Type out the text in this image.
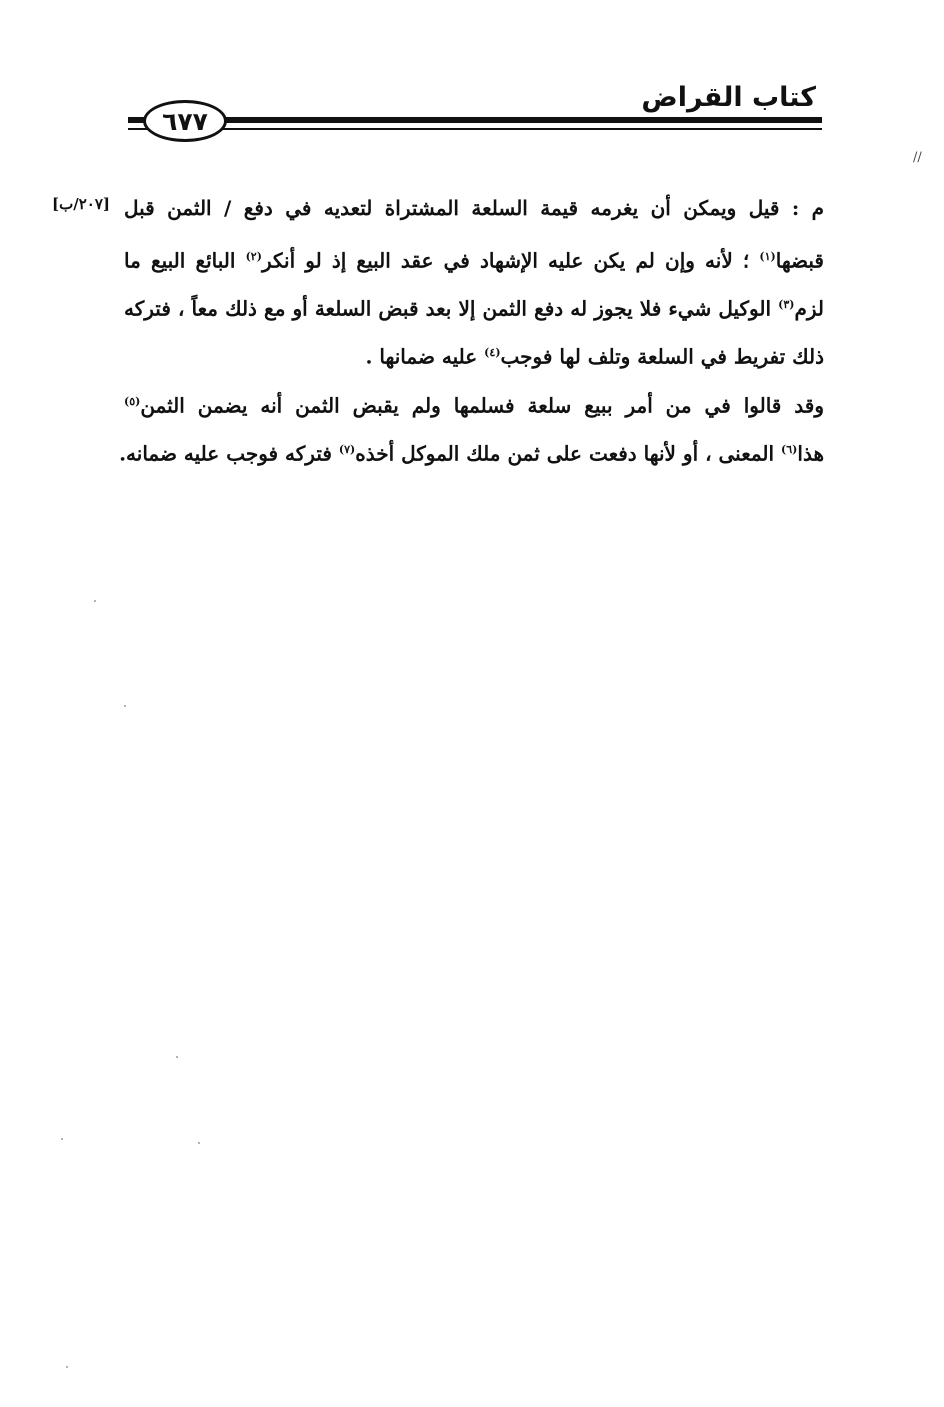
كتاب القراض
٦٧٧
//
[٢٠٧/ب] م : قيل ويمكن أن يغرمه قيمة السلعة المشتراة لتعديه في دفع / الثمن قبل
قبضها$^{(١)}$ ؛ لأنه وإن لم يكن عليه الإشهاد في عقد البيع إذ لو أنكر$^{(٢)}$ البائع البيع ما
لزم$^{(٣)}$ الوكيل شيء فلا يجوز له دفع الثمن إلا بعد قبض السلعة أو مع ذلك معاً ، فتركه
ذلك تفريط في السلعة وتلف لها فوجب$^{(٤)}$ عليه ضمانها .
وقد قالوا في من أمر ببيع سلعة فسلمها ولم يقبض الثمن أنه يضمن الثمن$^{(٥)}$
هذا$^{(٦)}$ المعنى ، أو لأنها دفعت على ثمن ملك الموكل أخذه$^{(٧)}$ فتركه فوجب عليه ضمانه.
